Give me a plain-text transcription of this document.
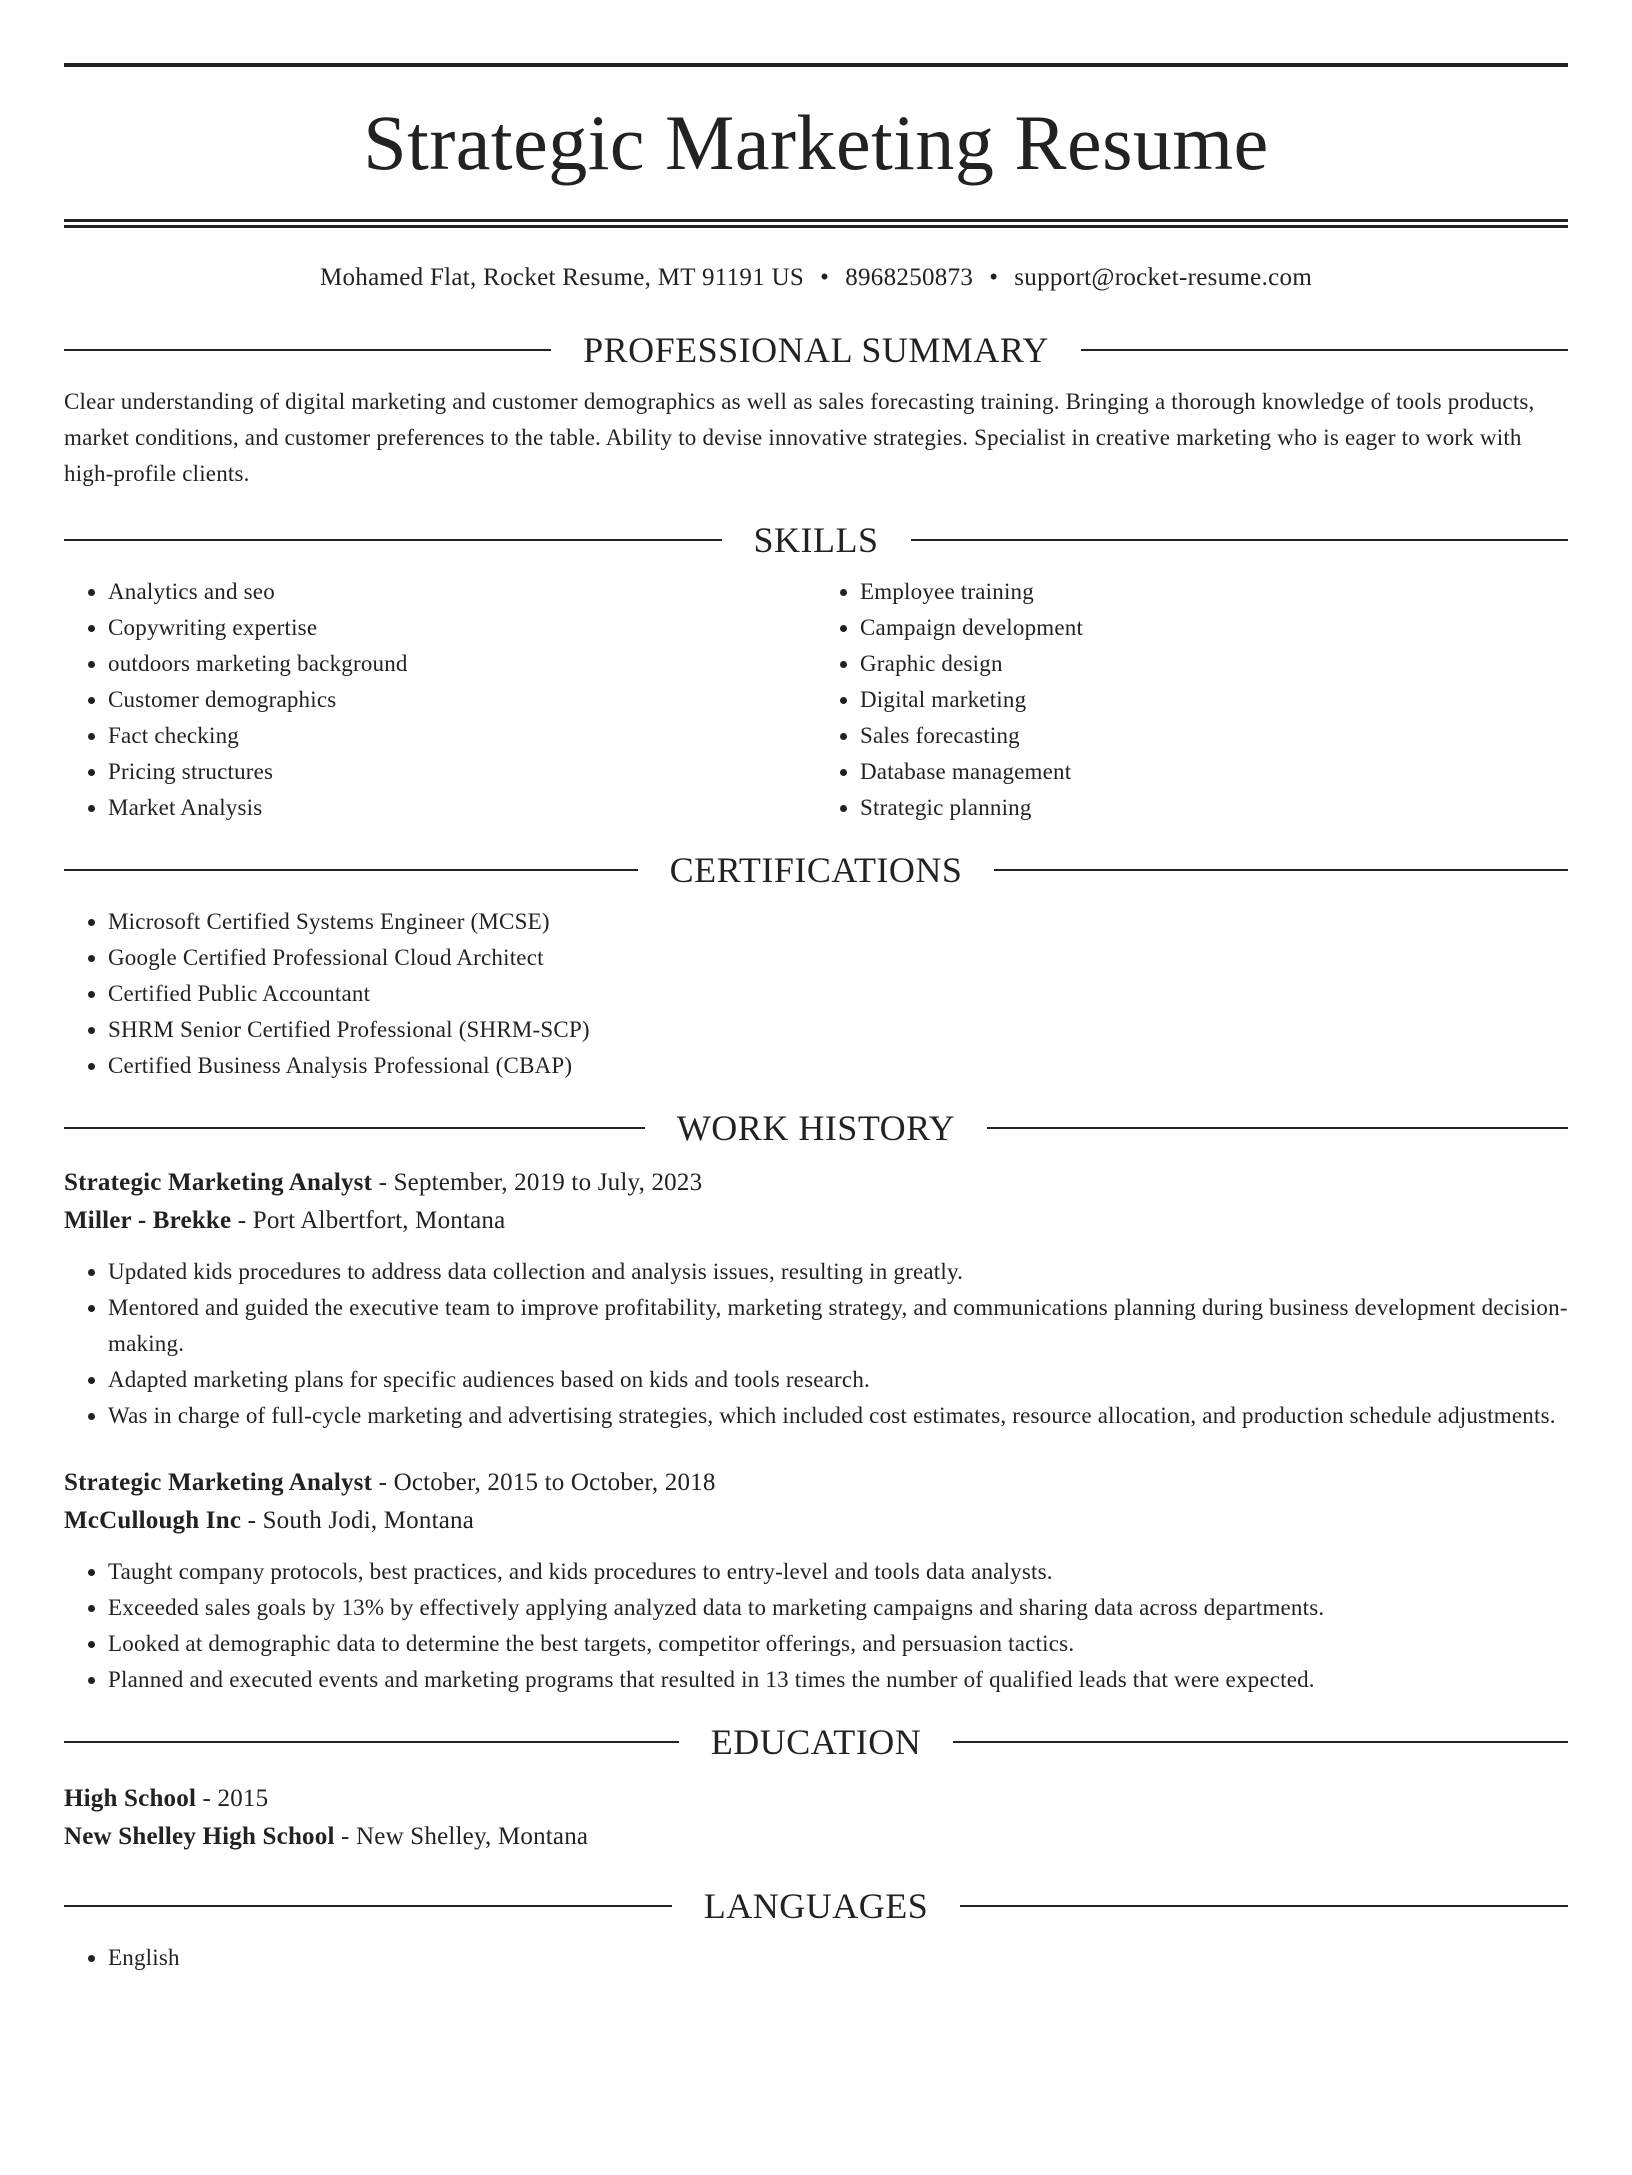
Strategic Marketing Resume
Mohamed Flat, Rocket Resume, MT 91191 US • 8968250873 • support@rocket-resume.com
PROFESSIONAL SUMMARY

Clear understanding of digital marketing and customer demographics as well as sales forecasting training. Bringing a thorough knowledge of tools products, market conditions, and customer preferences to the table. Ability to devise innovative strategies. Specialist in creative marketing who is eager to work with high-profile clients.

SKILLS
• Analytics and seo
• Copywriting expertise
• outdoors marketing background
• Customer demographics
• Fact checking
• Pricing structures
• Market Analysis
• Employee training
• Campaign development
• Graphic design
• Digital marketing
• Sales forecasting
• Database management
• Strategic planning
CERTIFICATIONS
• Microsoft Certified Systems Engineer (MCSE)
• Google Certified Professional Cloud Architect
• Certified Public Accountant
• SHRM Senior Certified Professional (SHRM-SCP)
• Certified Business Analysis Professional (CBAP)
WORK HISTORY
Strategic Marketing Analyst - September, 2019 to July, 2023
Miller - Brekke - Port Albertfort, Montana
• Updated kids procedures to address data collection and analysis issues, resulting in greatly.
• Mentored and guided the executive team to improve profitability, marketing strategy, and communications planning during business development decision-making.
• Adapted marketing plans for specific audiences based on kids and tools research.
• Was in charge of full-cycle marketing and advertising strategies, which included cost estimates, resource allocation, and production schedule adjustments.
Strategic Marketing Analyst - October, 2015 to October, 2018
McCullough Inc - South Jodi, Montana
• Taught company protocols, best practices, and kids procedures to entry-level and tools data analysts.
• Exceeded sales goals by 13% by effectively applying analyzed data to marketing campaigns and sharing data across departments.
• Looked at demographic data to determine the best targets, competitor offerings, and persuasion tactics.
• Planned and executed events and marketing programs that resulted in 13 times the number of qualified leads that were expected.
EDUCATION
High School - 2015
New Shelley High School - New Shelley, Montana
LANGUAGES
• English
